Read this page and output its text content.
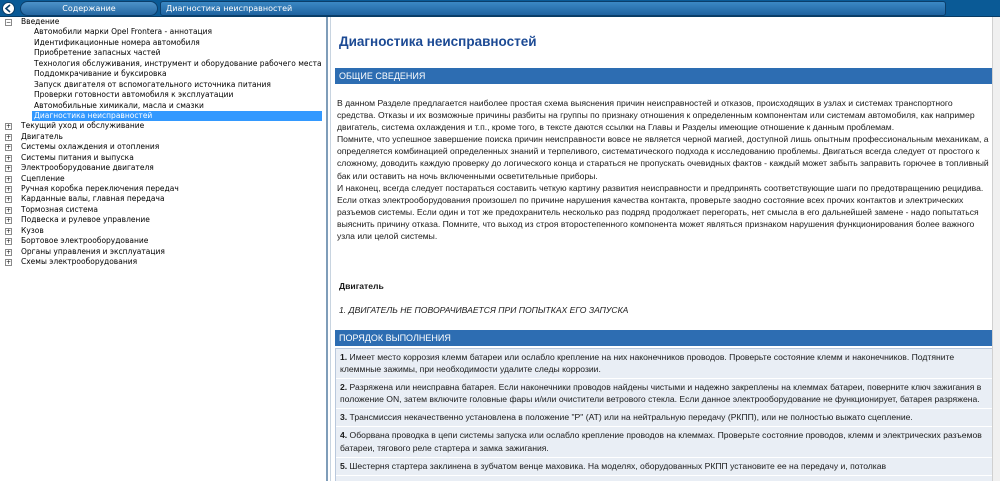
Содержание	Диагностика неисправностей
− Введение
Автомобили марки Opel Frontera - аннотация
Идентификационные номера автомобиля
Приобретение запасных частей
Технология обслуживания, инструмент и оборудование рабочего места
Поддомкрачивание и буксировка
Запуск двигателя от вспомогательного источника питания
Проверки готовности автомобиля к эксплуатации
Автомобильные химикали, масла и смазки
Диагностика неисправностей
+ Текущий уход и обслуживание
+ Двигатель
+ Системы охлаждения и отопления
+ Системы питания и выпуска
+ Электрооборудование двигателя
+ Сцепление
+ Ручная коробка переключения передач
+ Карданные валы, главная передача
+ Тормозная система
+ Подвеска и рулевое управление
+ Кузов
+ Бортовое электрооборудование
+ Органы управления и эксплуатация
+ Схемы электрооборудования
Диагностика неисправностей
ОБЩИЕ СВЕДЕНИЯ

В данном Разделе предлагается наиболее простая схема выяснения причин неисправностей и отказов, происходящих в узлах и системах транспортного средства. Отказы и их возможные причины разбиты на группы по признаку отношения к определенным компонентам или системам автомобиля, как например двигатель, система охлаждения и т.п., кроме того, в тексте даются ссылки на Главы и Разделы имеющие отношение к данным проблемам.

Помните, что успешное завершение поиска причин неисправности вовсе не является черной магией, доступной лишь опытным профессиональным механикам, а определяется комбинацией определенных знаний и терпеливого, систематического подхода к исследованию проблемы. Двигаться всегда следует от простого к сложному, доводить каждую проверку до логического конца и стараться не пропускать очевидных фактов - каждый может забыть заправить горючее в топливный бак или оставить на ночь включенными осветительные приборы.

И наконец, всегда следует постараться составить четкую картину развития неисправности и предпринять соответствующие шаги по предотвращению рецидива. Если отказ электрооборудования произошел по причине нарушения качества контакта, проверьте заодно состояние всех прочих контактов и электрических разъемов системы. Если один и тот же предохранитель несколько раз подряд продолжает перегорать, нет смысла в его дальнейшей замене - надо попытаться выяснить причину отказа. Помните, что выход из строя второстепенного компонента может являться признаком нарушения функционирования более важного узла или целой системы.

Двигатель
1. ДВИГАТЕЛЬ НЕ ПОВОРАЧИВАЕТСЯ ПРИ ПОПЫТКАХ ЕГО ЗАПУСКА
ПОРЯДОК ВЫПОЛНЕНИЯ
1. Имеет место коррозия клемм батареи или ослабло крепление на них наконечников проводов. Проверьте состояние клемм и наконечников. Подтяните клеммные зажимы, при необходимости удалите следы коррозии.
2. Разряжена или неисправна батарея. Если наконечники проводов найдены чистыми и надежно закреплены на клеммах батареи, поверните ключ зажигания в положение ON, затем включите головные фары и/или очистители ветрового стекла. Если данное электрооборудование не функционирует, батарея разряжена.
3. Трансмиссия некачественно установлена в положение "P" (AT) или на нейтральную передачу (РКПП), или не полностью выжато сцепление.
4. Оборвана проводка в цепи системы запуска или ослабло крепление проводов на клеммах. Проверьте состояние проводов, клемм и электрических разъемов батареи, тягового реле стартера и замка зажигания.
5. Шестерня стартера заклинена в зубчатом венце маховика. На моделях, оборудованных РКПП установите ее на передачу и, потолкав
